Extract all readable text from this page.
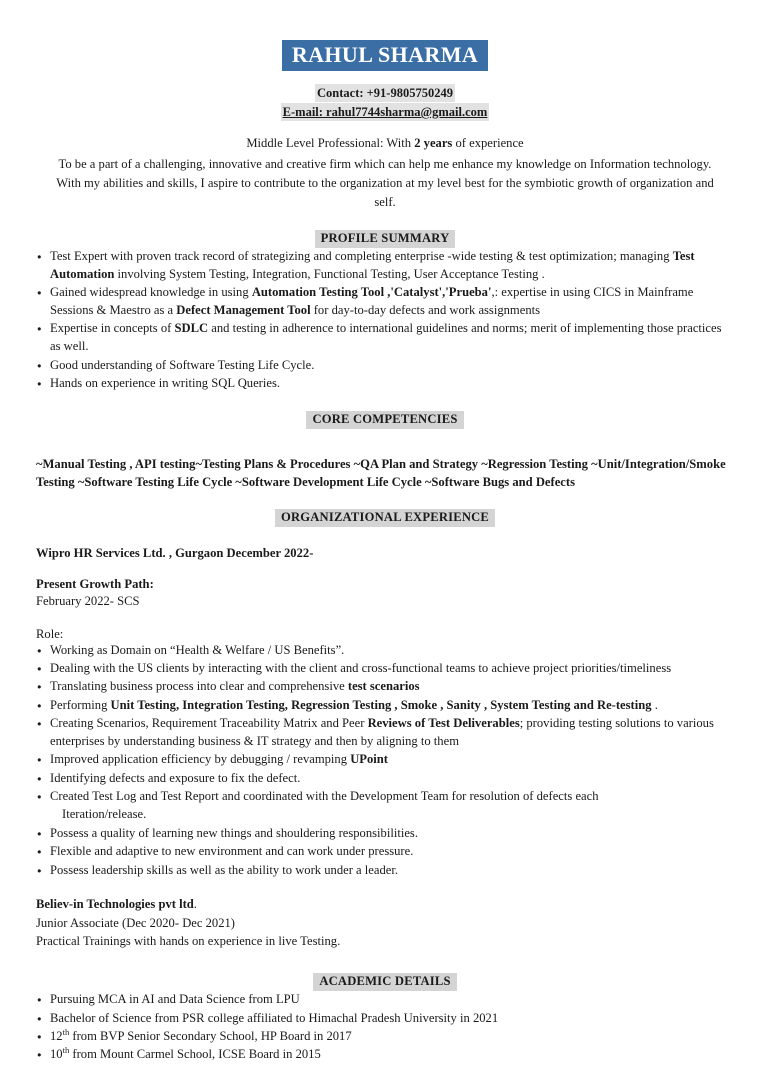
RAHUL SHARMA
Contact: +91-9805750249
E-mail: rahul7744sharma@gmail.com
Middle Level Professional: With 2 years of experience
To be a part of a challenging, innovative and creative firm which can help me enhance my knowledge on Information technology. With my abilities and skills, I aspire to contribute to the organization at my level best for the symbiotic growth of organization and self.
PROFILE SUMMARY
● Test Expert with proven track record of strategizing and completing enterprise -wide testing & test optimization; managing Test Automation involving System Testing, Integration, Functional Testing, User Acceptance Testing .
● Gained widespread knowledge in using Automation Testing Tool ,'Catalyst','Prueba',: expertise in using CICS in Mainframe Sessions & Maestro as a Defect Management Tool for day-to-day defects and work assignments
● Expertise in concepts of SDLC and testing in adherence to international guidelines and norms; merit of implementing those practices as well.
● Good understanding of Software Testing Life Cycle.
● Hands on experience in writing SQL Queries.
CORE COMPETENCIES
~Manual Testing , API testing~Testing Plans & Procedures ~QA Plan and Strategy ~Regression Testing ~Unit/Integration/Smoke Testing ~Software Testing Life Cycle ~Software Development Life Cycle ~Software Bugs and Defects
ORGANIZATIONAL EXPERIENCE
Wipro HR Services Ltd. , Gurgaon December 2022-
Present Growth Path:
February 2022- SCS
Role:
● Working as Domain on “Health & Welfare / US Benefits”.
● Dealing with the US clients by interacting with the client and cross-functional teams to achieve project priorities/timeliness
● Translating business process into clear and comprehensive test scenarios
● Performing Unit Testing, Integration Testing, Regression Testing , Smoke , Sanity , System Testing and Re-testing .
● Creating Scenarios, Requirement Traceability Matrix and Peer Reviews of Test Deliverables; providing testing solutions to various enterprises by understanding business & IT strategy and then by aligning to them
● Improved application efficiency by debugging / revamping UPoint
● Identifying defects and exposure to fix the defect.
● Created Test Log and Test Report and coordinated with the Development Team for resolution of defects each
Iteration/release.
● Possess a quality of learning new things and shouldering responsibilities.
● Flexible and adaptive to new environment and can work under pressure.
● Possess leadership skills as well as the ability to work under a leader.
Believ-in Technologies pvt ltd.
Junior Associate (Dec 2020- Dec 2021)
Practical Trainings with hands on experience in live Testing.
ACADEMIC DETAILS
● Pursuing MCA in AI and Data Science from LPU
● Bachelor of Science from PSR college affiliated to Himachal Pradesh University in 2021
● 12th from BVP Senior Secondary School, HP Board in 2017
● 10th from Mount Carmel School, ICSE Board in 2015
